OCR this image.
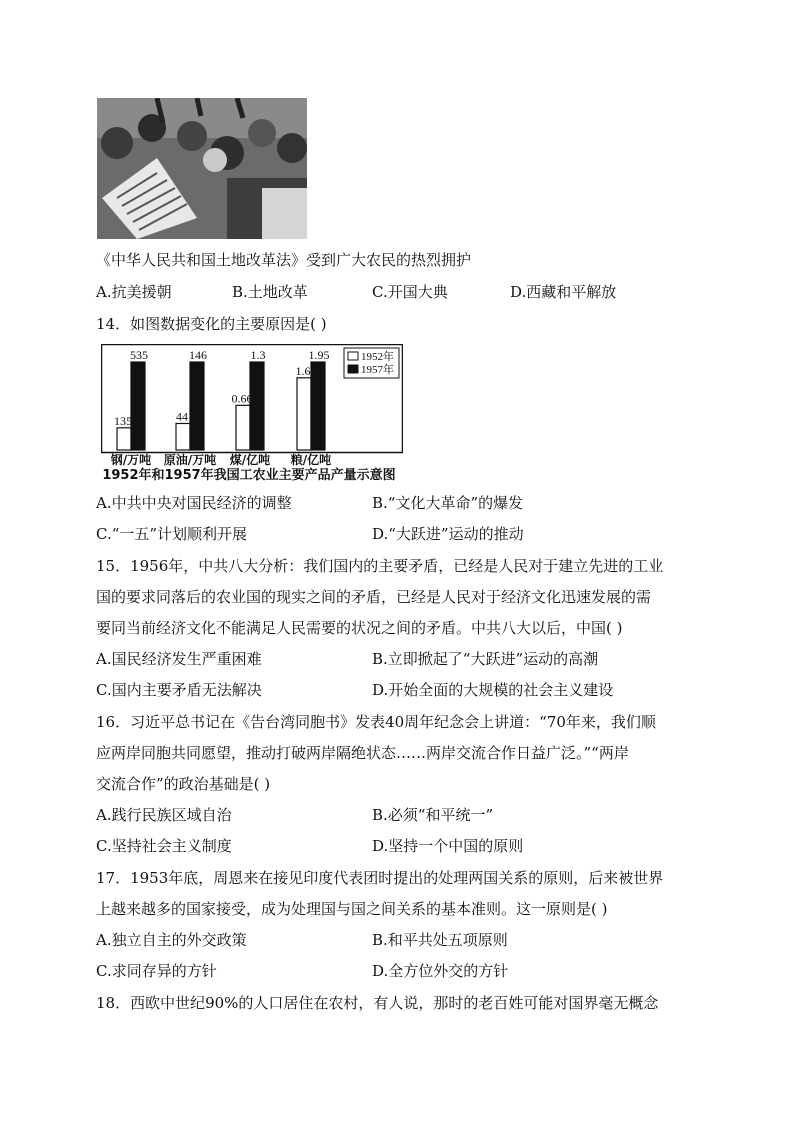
《中华人民共和国土地改革法》受到广大农民的热烈拥护
A.抗美援朝	B.土地改革	C.开国大典	D.西藏和平解放
14．如图数据变化的主要原因是( )
135
535
钢/万吨
44
146
原油/万吨
0.66
1.3
煤/亿吨
1.6
1.95
粮/亿吨
1952年
1957年
1952年和1957年我国工农业主要产品产量示意图
A.中共中央对国民经济的调整	B.“文化大革命”的爆发
C.“一五”计划顺利开展	D.“大跃进”运动的推动
15．1956年，中共八大分析：我们国内的主要矛盾，已经是人民对于建立先进的工业
国的要求同落后的农业国的现实之间的矛盾，已经是人民对于经济文化迅速发展的需
要同当前经济文化不能满足人民需要的状况之间的矛盾。中共八大以后，中国( )
A.国民经济发生严重困难	B.立即掀起了“大跃进”运动的高潮
C.国内主要矛盾无法解决	D.开始全面的大规模的社会主义建设
16．习近平总书记在《告台湾同胞书》发表40周年纪念会上讲道：“70年来，我们顺
应两岸同胞共同愿望，推动打破两岸隔绝状态……两岸交流合作日益广泛。”“两岸
交流合作”的政治基础是( )
A.践行民族区域自治	B.必须“和平统一”
C.坚持社会主义制度	D.坚持一个中国的原则
17．1953年底，周恩来在接见印度代表团时提出的处理两国关系的原则，后来被世界
上越来越多的国家接受，成为处理国与国之间关系的基本准则。这一原则是( )
A.独立自主的外交政策	B.和平共处五项原则
C.求同存异的方针	D.全方位外交的方针
18．西欧中世纪90%的人口居住在农村，有人说，那时的老百姓可能对国界毫无概念
